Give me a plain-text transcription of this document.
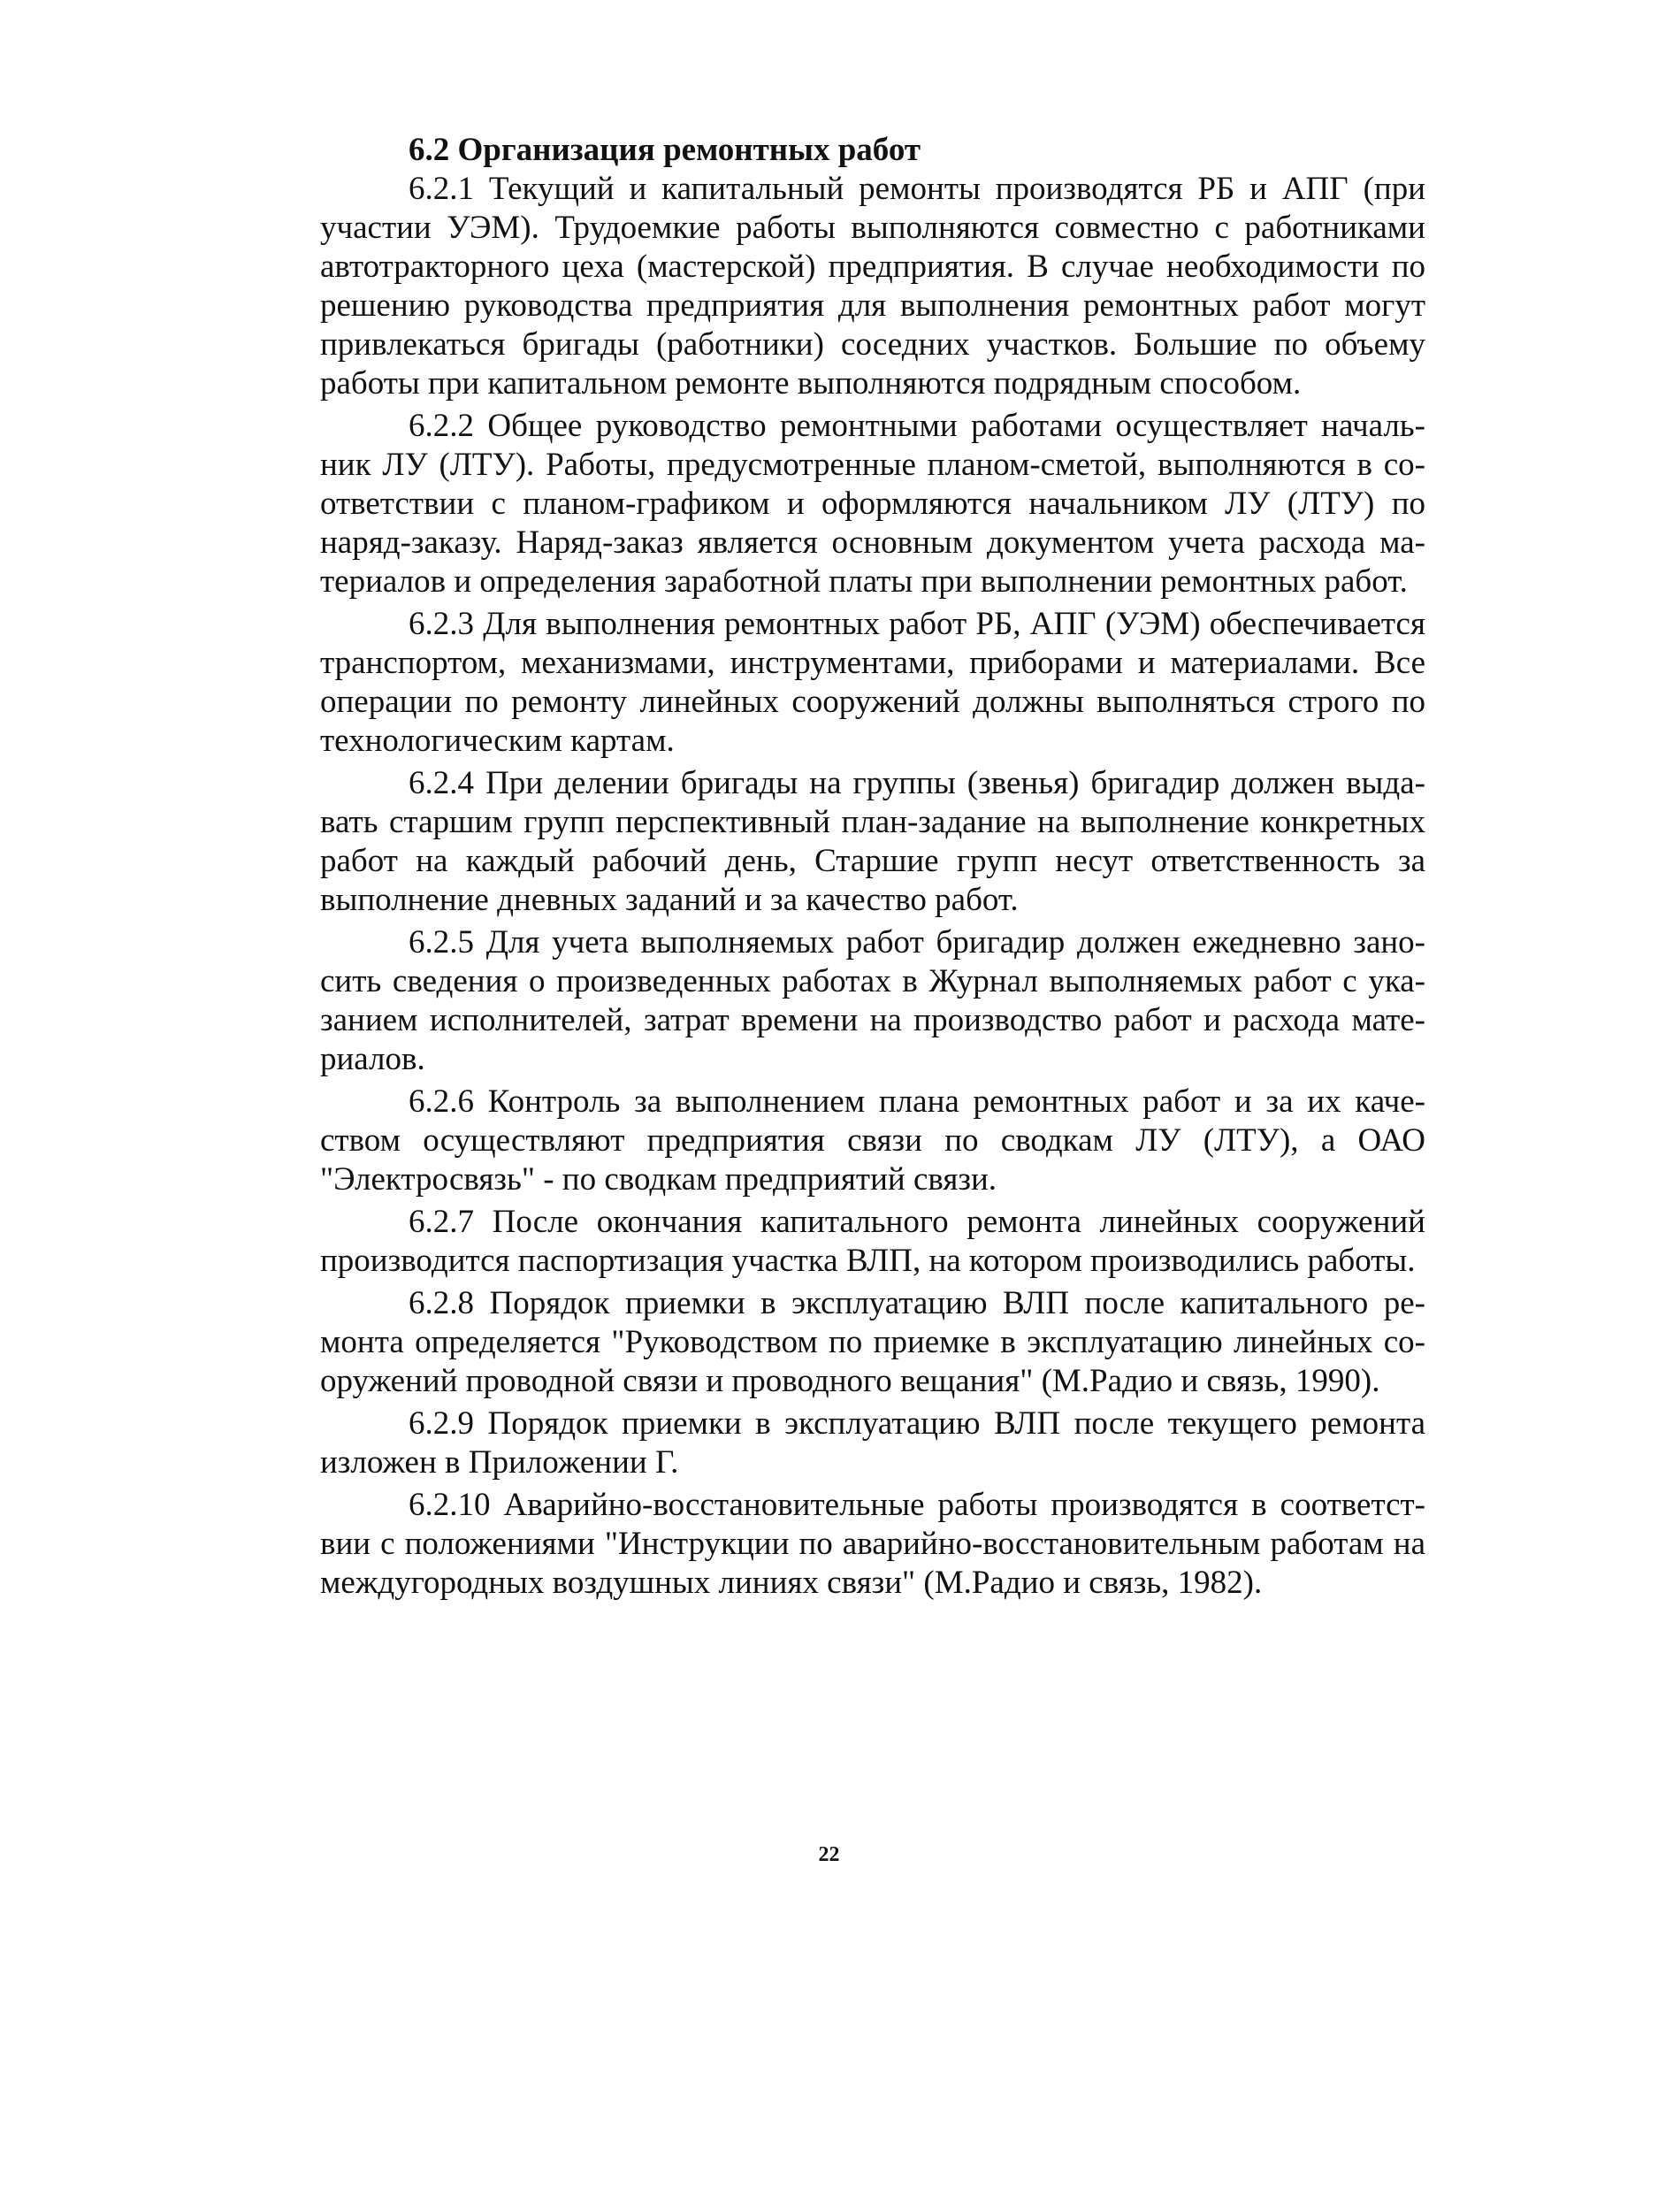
6.2 Организация ремонтных работ

6.2.1 Текущий и капитальный ремонты производятся РБ и АПГ (при участии УЭМ). Трудоемкие работы выполняются совместно с работниками автотракторного цеха (мастерской) предприятия. В случае необходимости по решению руководства предприятия для выполнения ремонтных работ могут привлекаться бригады (работники) соседних участков. Большие по объему работы при капитальном ремонте выполняются подрядным способом.

6.2.2 Общее руководство ремонтными работами осуществляет начальник ЛУ (ЛТУ). Работы, предусмотренные планом-сметой, выполняются в соответствии с планом-графиком и оформляются начальником ЛУ (ЛТУ) по наряд-заказу. Наряд-заказ является основным документом учета расхода материалов и определения заработной платы при выполнении ремонтных работ.

6.2.3 Для выполнения ремонтных работ РБ, АПГ (УЭМ) обеспечивается транспортом, механизмами, инструментами, приборами и материалами. Все операции по ремонту линейных сооружений должны выполняться строго по технологическим картам.

6.2.4 При делении бригады на группы (звенья) бригадир должен выдавать старшим групп перспективный план-задание на выполнение конкретных работ на каждый рабочий день, Старшие групп несут ответственность за выполнение дневных заданий и за качество работ.

6.2.5 Для учета выполняемых работ бригадир должен ежедневно заносить сведения о произведенных работах в Журнал выполняемых работ с указанием исполнителей, затрат времени на производство работ и расхода материалов.

6.2.6 Контроль за выполнением плана ремонтных работ и за их качеством осуществляют предприятия связи по сводкам ЛУ (ЛТУ), а ОАО "Электросвязь" - по сводкам предприятий связи.

6.2.7 После окончания капитального ремонта линейных сооружений производится паспортизация участка ВЛП, на котором производились работы.

6.2.8 Порядок приемки в эксплуатацию ВЛП после капитального ремонта определяется "Руководством по приемке в эксплуатацию линейных сооружений проводной связи и проводного вещания" (М.Радио и связь, 1990).

6.2.9 Порядок приемки в эксплуатацию ВЛП после текущего ремонта изложен в Приложении Г.

6.2.10 Аварийно-восстановительные работы производятся в соответствии с положениями "Инструкции по аварийно-восстановительным работам на междугородных воздушных линиях связи" (М.Радио и связь, 1982).

22
